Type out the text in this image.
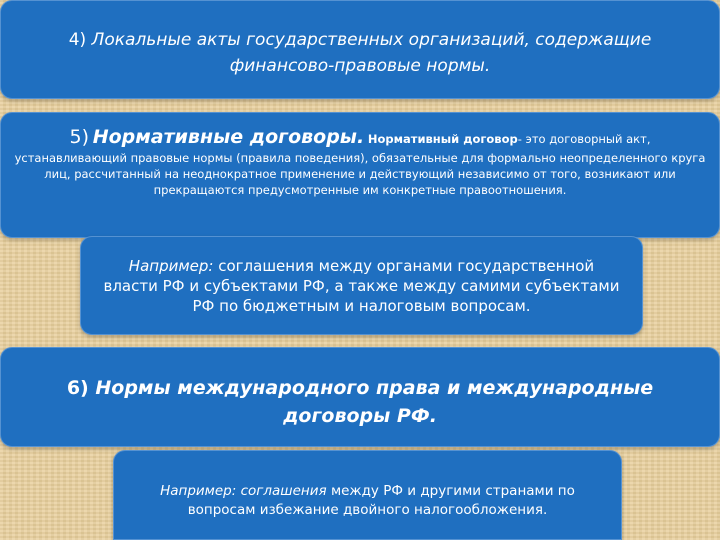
4) Локальные акты государственных организаций, содержащие финансово-правовые нормы.
5) Нормативные договоры. Нормативный договор- это договорный акт, устанавливающий правовые нормы (правила поведения), обязательные для формально неопределенного круга лиц, рассчитанный на неоднократное применение и действующий независимо от того, возникают или прекращаются предусмотренные им конкретные правоотношения.
Например: соглашения между органами государственной власти РФ и субъектами РФ, а также между самими субъектами РФ по бюджетным и налоговым вопросам.
6) Нормы международного права и международные договоры РФ.
Например: соглашения между РФ и другими странами по вопросам избежание двойного налогообложения.
